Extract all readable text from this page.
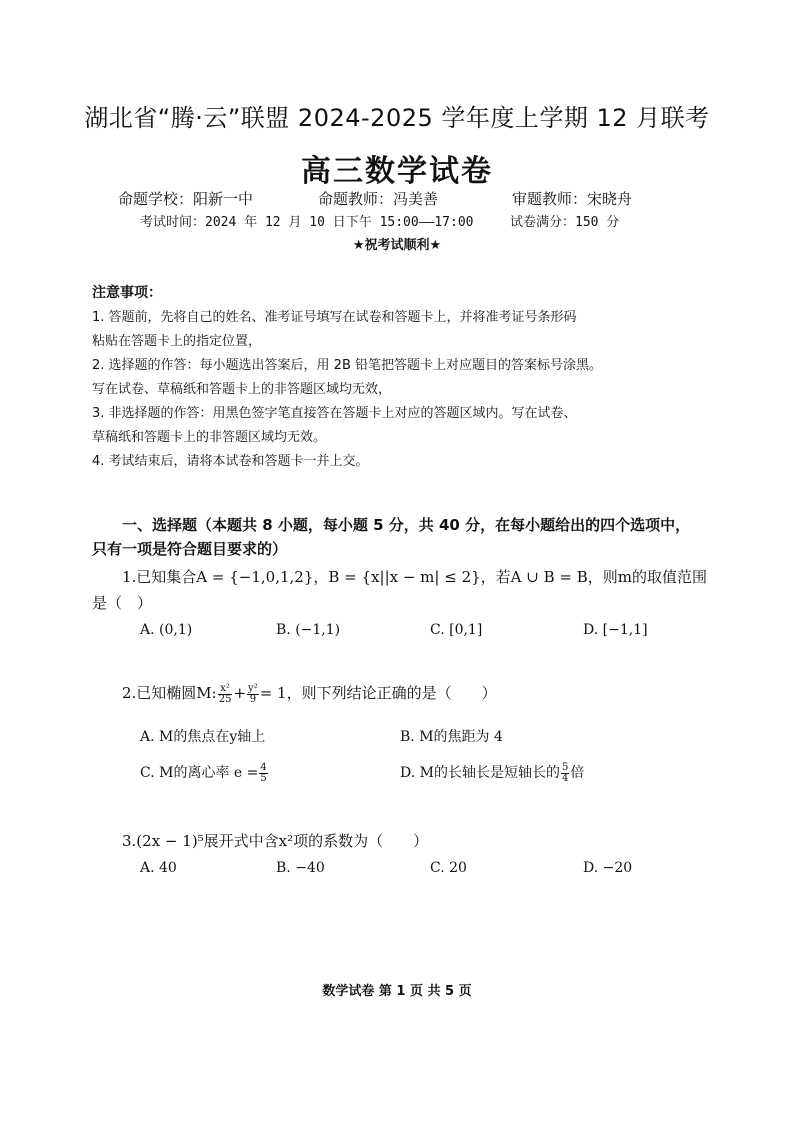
湖北省“腾·云”联盟 2024-2025 学年度上学期 12 月联考
高三数学试卷
命题学校：阳新一中	命题教师：冯美善	审题教师：宋晓舟
考试时间：2024 年 12 月 10 日下午 15:00——17:00	试卷满分：150 分
★祝考试顺利★
注意事项：
1. 答题前，先将自己的姓名、准考证号填写在试卷和答题卡上，并将准考证号条形码
粘贴在答题卡上的指定位置，
2. 选择题的作答：每小题选出答案后，用 2B 铅笔把答题卡上对应题目的答案标号涂黑。
写在试卷、草稿纸和答题卡上的非答题区域均无效，
3. 非选择题的作答：用黑色签字笔直接答在答题卡上对应的答题区域内。写在试卷、
草稿纸和答题卡上的非答题区域均无效。
4. 考试结束后，请将本试卷和答题卡一并上交。
一、选择题（本题共 8 小题，每小题 5 分，共 40 分，在每小题给出的四个选项中，
只有一项是符合题目要求的）
1.已知集合A = {−1,0,1,2}，B = {x||x − m| ≤ 2}，若A ∪ B = B，则m的取值范围
是（　）
A. (0,1)	B. (−1,1)	C. [0,1]	D. [−1,1]
2.已知椭圆M: $\frac{\text{x²}}{25} + \frac{\text{y²}}{9} = 1$，则下列结论正确的是（　　）
A. M的焦点在y轴上	B. M的焦距为 4
C. M的离心率 $e = \frac{4}{5}$	D. M的长轴长是短轴长的 $\frac{5}{4}$ 倍
3.(2x − 1)⁵展开式中含x²项的系数为（　　）
A. 40	B. −40	C. 20	D. −20
数学试卷 第 1 页 共 5 页
